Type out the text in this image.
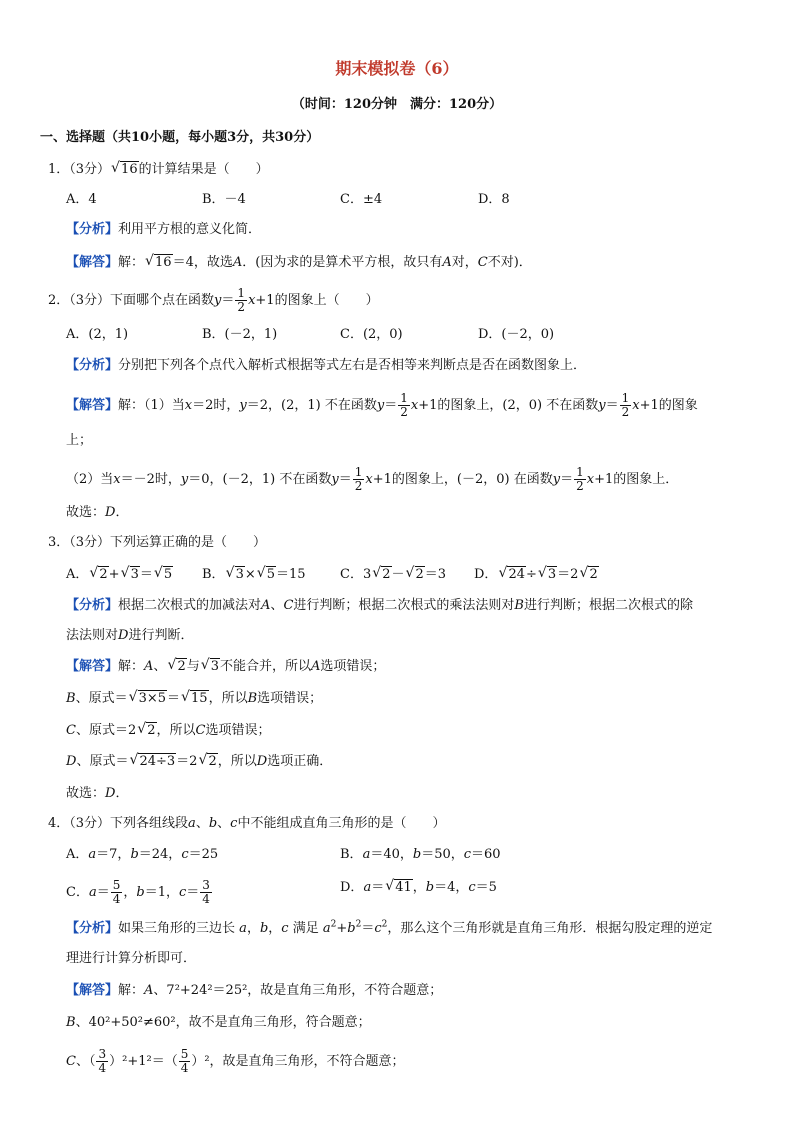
期末模拟卷（6）
（时间：120分钟　满分：120分）
一、选择题（共10小题，每小题3分，共30分）
1．（3分） √ 16的计算结果是（　　）
A．4	B．－4	C．±4	D．8
【分析】利用平方根的意义化简．
【解答】解： √ 16＝4，故选A．(因为求的是算术平方根，故只有A对，C不对)．
2．（3分）下面哪个点在函数$y= \frac{1}{2} x+1$的图象上（　　）
A．(2，1)	B．(－2，1)	C．(2，0)	D．(－2，0)
【分析】分别把下列各个点代入解析式根据等式左右是否相等来判断点是否在函数图象上．
【解答】解：（1）当x＝2时，y＝2，(2，1) 不在函数$y= \frac{1}{2} x+1$的图象上，(2，0) 不在函数$y= \frac{1}{2} x+1$的图象
上；
（2）当x＝－2时，y＝0，(－2，1) 不在函数$y= \frac{1}{2} x+1$的图象上，(－2，0) 在函数$y= \frac{1}{2} x+1$的图象上．
故选：D．
3．（3分）下列运算正确的是（　　）
A． √ 2+ √ 3＝ √ 5 B． √ 3× √ 5＝15	C．3 √ 2－ √ 2＝3 D． √ 24÷ √ 3＝2 √ 2
【分析】根据二次根式的加减法对A、C进行判断；根据二次根式的乘法法则对B进行判断；根据二次根式的除
法法则对D进行判断．
【解答】解：A、 √ 2与 √ 3不能合并，所以A选项错误；
B、原式＝ √ 3×5＝ √ 15，所以B选项错误；
C、原式＝2 √ 2，所以C选项错误；
D、原式＝ √ 24÷3＝2 √ 2，所以D选项正确．
故选：D．
4．（3分）下列各组线段a、b、c中不能组成直角三角形的是（　　）
A．a＝7，b＝24，c＝25	B．a＝40，b＝50，c＝60
C．$a= \frac{5}{4}$ ，b＝1，$c= \frac{3}{4}$	D．a＝ √ 41，b＝4，c＝5
【分析】如果三角形的三边长 a，b，c 满足 $a^2+b^2=c^2$，那么这个三角形就是直角三角形．根据勾股定理的逆定
理进行计算分析即可．
【解答】解：A、7²+24²＝25²，故是直角三角形，不符合题意；
B、40²+50²≠60²，故不是直角三角形，符合题意；
C、（ $\frac{3}{4} )^2+1^2=( \frac{5}{4} )^2$，故是直角三角形，不符合题意；
